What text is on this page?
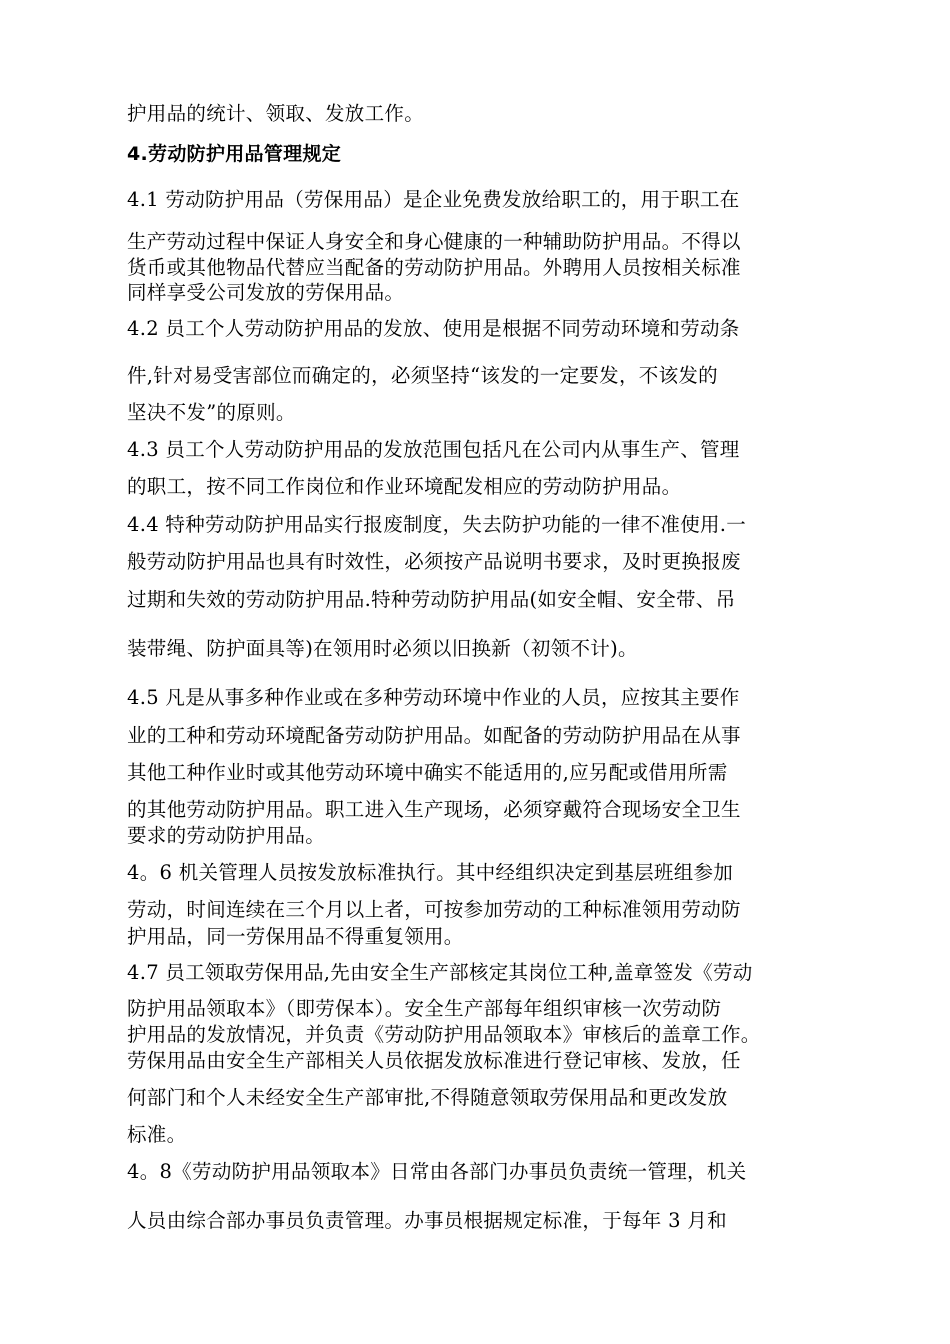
护用品的统计、领取、发放工作。
4.劳动防护用品管理规定
4.1 劳动防护用品（劳保用品）是企业免费发放给职工的，用于职工在
生产劳动过程中保证人身安全和身心健康的一种辅助防护用品。不得以
货币或其他物品代替应当配备的劳动防护用品。外聘用人员按相关标准
同样享受公司发放的劳保用品。
4.2 员工个人劳动防护用品的发放、使用是根据不同劳动环境和劳动条
件,针对易受害部位而确定的，必须坚持“该发的一定要发，不该发的
坚决不发”的原则。
4.3 员工个人劳动防护用品的发放范围包括凡在公司内从事生产、管理
的职工，按不同工作岗位和作业环境配发相应的劳动防护用品。
4.4 特种劳动防护用品实行报废制度，失去防护功能的一律不准使用.一
般劳动防护用品也具有时效性，必须按产品说明书要求，及时更换报废
过期和失效的劳动防护用品.特种劳动防护用品(如安全帽、安全带、吊
装带绳、防护面具等)在领用时必须以旧换新（初领不计)。
4.5 凡是从事多种作业或在多种劳动环境中作业的人员，应按其主要作
业的工种和劳动环境配备劳动防护用品。如配备的劳动防护用品在从事
其他工种作业时或其他劳动环境中确实不能适用的,应另配或借用所需
的其他劳动防护用品。职工进入生产现场，必须穿戴符合现场安全卫生
要求的劳动防护用品。
4。6 机关管理人员按发放标准执行。其中经组织决定到基层班组参加
劳动，时间连续在三个月以上者，可按参加劳动的工种标准领用劳动防
护用品，同一劳保用品不得重复领用。
4.7 员工领取劳保用品,先由安全生产部核定其岗位工种,盖章签发《劳动
防护用品领取本》（即劳保本）。安全生产部每年组织审核一次劳动防
护用品的发放情况，并负责《劳动防护用品领取本》审核后的盖章工作。
劳保用品由安全生产部相关人员依据发放标准进行登记审核、发放，任
何部门和个人未经安全生产部审批,不得随意领取劳保用品和更改发放
标准。
4。8《劳动防护用品领取本》日常由各部门办事员负责统一管理，机关
人员由综合部办事员负责管理。办事员根据规定标准，于每年 3 月和
